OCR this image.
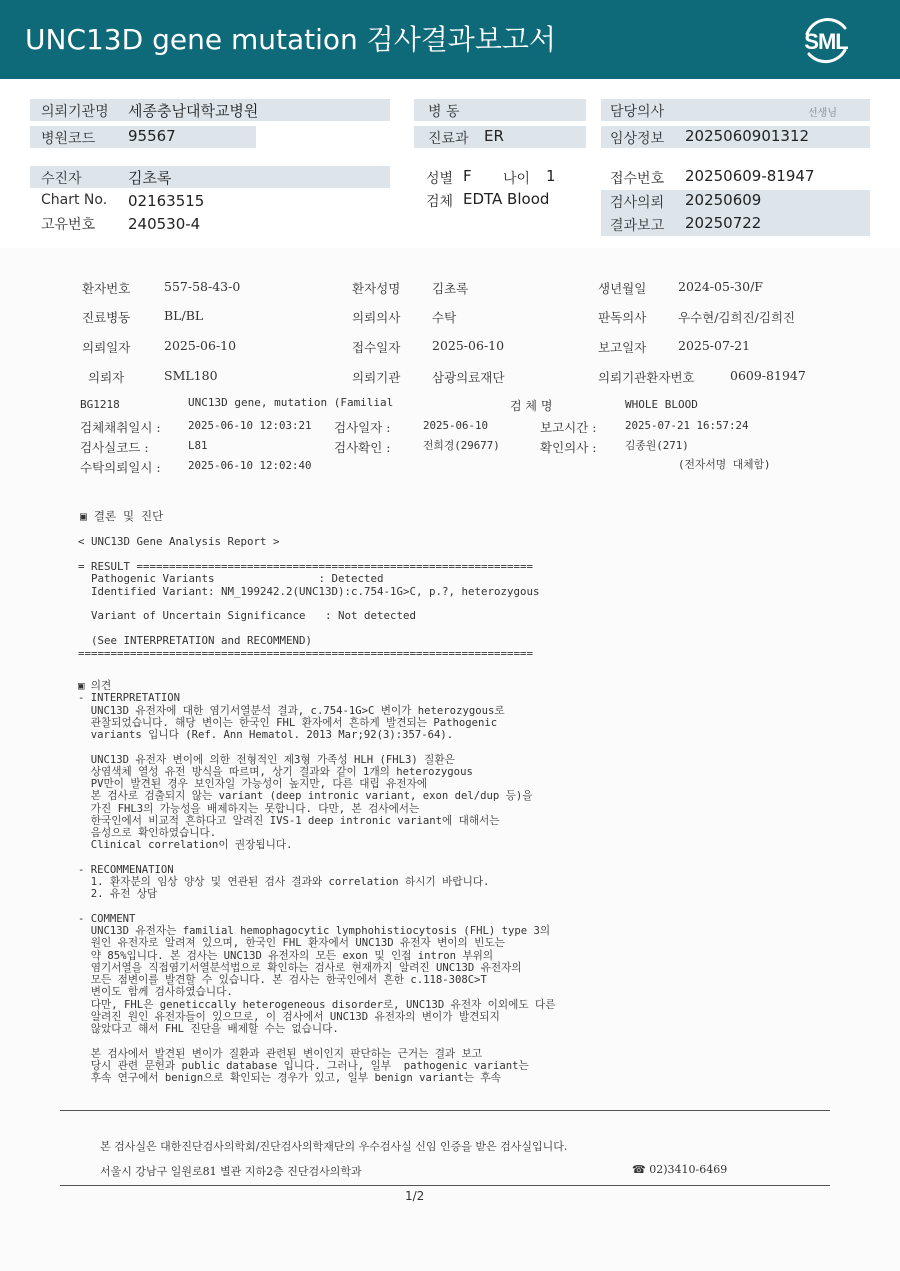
UNC13D gene mutation 검사결과보고서	SML
의뢰기관명 세종충남대학교병원
병원코드 95567
병 동
진료과 ER
담당의사	선생님
임상정보 2025060901312
수진자	김초록
Chart No. 02163515
고유번호 240530-4
성별 F 나이 1
검체 EDTA Blood
접수번호 20250609-81947
검사의뢰 20250609
결과보고 20250722
환자번호	557-58-43-0	환자성명	김초록	생년월일	2024-05-30/F
진료병동	BL/BL	의뢰의사	수탁	판독의사	우수현/김희진/김희진
의뢰일자	2025-06-10	접수일자	2025-06-10	보고일자	2025-07-21
의뢰자	SML180	의뢰기관	삼광의료재단	의뢰기관환자번호	0609-81947
BG1218	UNC13D gene, mutation (Familial	검 체 명	WHOLE BLOOD
검체채취일시 :	2025-06-10 12:03:21 검사일자 :	2025-06-10	보고시간 :	2025-07-21 16:57:24
검사실코드 :	L81	검사확인 :	전희경(29677)	확인의사 :	김종원(271)
수탁의뢰일시 :	2025-06-10 12:02:40	(전자서명 대체함)
▣ 결론 및 진단
< UNC13D Gene Analysis Report >

= RESULT =============================================================
Pathogenic Variants                : Detected
Identified Variant: NM_199242.2(UNC13D):c.754-1G>C, p.?, heterozygous

Variant of Uncertain Significance   : Not detected

(See INTERPRETATION and RECOMMEND)
======================================================================
▣ 의견
- INTERPRETATION
UNC13D 유전자에 대한 염기서열분석 결과, c.754-1G>C 변이가 heterozygous로
관찰되었습니다. 해당 변이는 한국인 FHL 환자에서 흔하게 발견되는 Pathogenic
variants 입니다 (Ref. Ann Hematol. 2013 Mar;92(3):357-64).

UNC13D 유전자 변이에 의한 전형적인 제3형 가족성 HLH (FHL3) 질환은
상염색체 열성 유전 방식을 따르며, 상기 결과와 같이 1개의 heterozygous
PV만이 발견된 경우 보인자일 가능성이 높지만, 다른 대립 유전자에
본 검사로 검출되지 않는 variant (deep intronic variant, exon del/dup 등)을
가진 FHL3의 가능성을 배제하지는 못합니다. 다만, 본 검사에서는
한국인에서 비교적 흔하다고 알려진 IVS-1 deep intronic variant에 대해서는
음성으로 확인하였습니다.
Clinical correlation이 권장됩니다.

- RECOMMENATION
1. 환자분의 임상 양상 및 연관된 검사 결과와 correlation 하시기 바랍니다.
2. 유전 상담

- COMMENT
UNC13D 유전자는 familial hemophagocytic lymphohistiocytosis (FHL) type 3의
원인 유전자로 알려져 있으며, 한국인 FHL 환자에서 UNC13D 유전자 변이의 빈도는
약 85%입니다. 본 검사는 UNC13D 유전자의 모든 exon 및 인접 intron 부위의
염기서열을 직접염기서열분석법으로 확인하는 검사로 현재까지 알려진 UNC13D 유전자의
모든 점변이를 발견할 수 있습니다. 본 검사는 한국인에서 흔한 c.118-308C>T
변이도 함께 검사하였습니다.
다만, FHL은 geneticcally heterogeneous disorder로, UNC13D 유전자 이외에도 다른
알려진 원인 유전자들이 있으므로, 이 검사에서 UNC13D 유전자의 변이가 발견되지
않았다고 해서 FHL 진단을 배제할 수는 없습니다.

본 검사에서 발견된 변이가 질환과 관련된 변이인지 판단하는 근거는 결과 보고
당시 관련 문헌과 public database 입니다. 그러나, 일부  pathogenic variant는
후속 연구에서 benign으로 확인되는 경우가 있고, 일부 benign variant는 후속
본 검사실은 대한진단검사의학회/진단검사의학재단의 우수검사실 신임 인증을 받은 검사실입니다.
서울시 강남구 일원로81 별관 지하2층 진단검사의학과	☎ 02)3410-6469
1/2
